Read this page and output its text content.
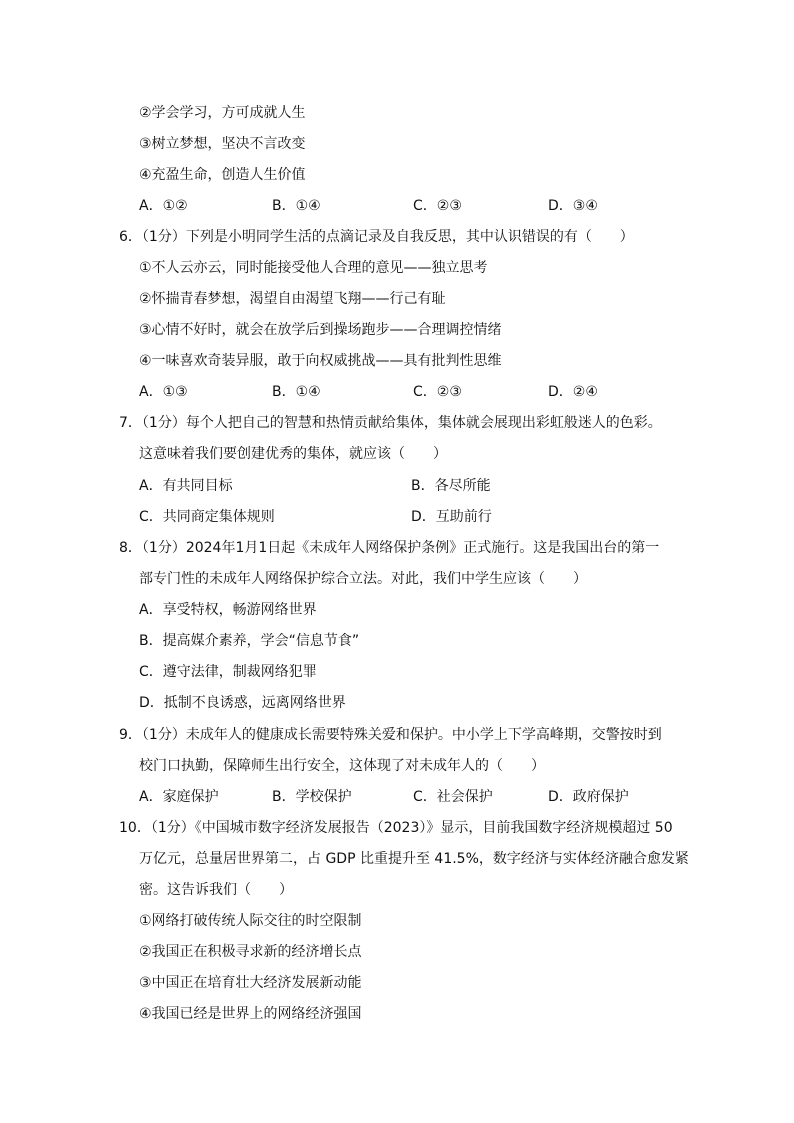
②学会学习，方可成就人生
③树立梦想，坚决不言改变
④充盈生命，创造人生价值
A．①②	B．①④	C．②③	D．③④
6．（1分）下列是小明同学生活的点滴记录及自我反思，其中认识错误的有（　　）
①不人云亦云，同时能接受他人合理的意见——独立思考
②怀揣青春梦想，渴望自由渴望飞翔——行己有耻
③心情不好时，就会在放学后到操场跑步——合理调控情绪
④一味喜欢奇装异服，敢于向权威挑战——具有批判性思维
A．①③	B．①④	C．②③	D．②④
7．（1分）每个人把自己的智慧和热情贡献给集体，集体就会展现出彩虹般迷人的色彩。
这意味着我们要创建优秀的集体，就应该（　　）
A．有共同目标	B．各尽所能
C．共同商定集体规则	D．互助前行
8．（1分）2024年1月1日起《未成年人网络保护条例》正式施行。这是我国出台的第一
部专门性的未成年人网络保护综合立法。对此，我们中学生应该（　　）
A．享受特权，畅游网络世界
B．提高媒介素养，学会“信息节食”
C．遵守法律，制裁网络犯罪
D．抵制不良诱惑，远离网络世界
9．（1分）未成年人的健康成长需要特殊关爱和保护。中小学上下学高峰期，交警按时到
校门口执勤，保障师生出行安全，这体现了对未成年人的（　　）
A．家庭保护	B．学校保护	C．社会保护	D．政府保护
10．（1分）《中国城市数字经济发展报告（2023）》显示，目前我国数字经济规模超过 50
万亿元，总量居世界第二，占 GDP 比重提升至 41.5%，数字经济与实体经济融合愈发紧
密。这告诉我们（　　）
①网络打破传统人际交往的时空限制
②我国正在积极寻求新的经济增长点
③中国正在培育壮大经济发展新动能
④我国已经是世界上的网络经济强国
